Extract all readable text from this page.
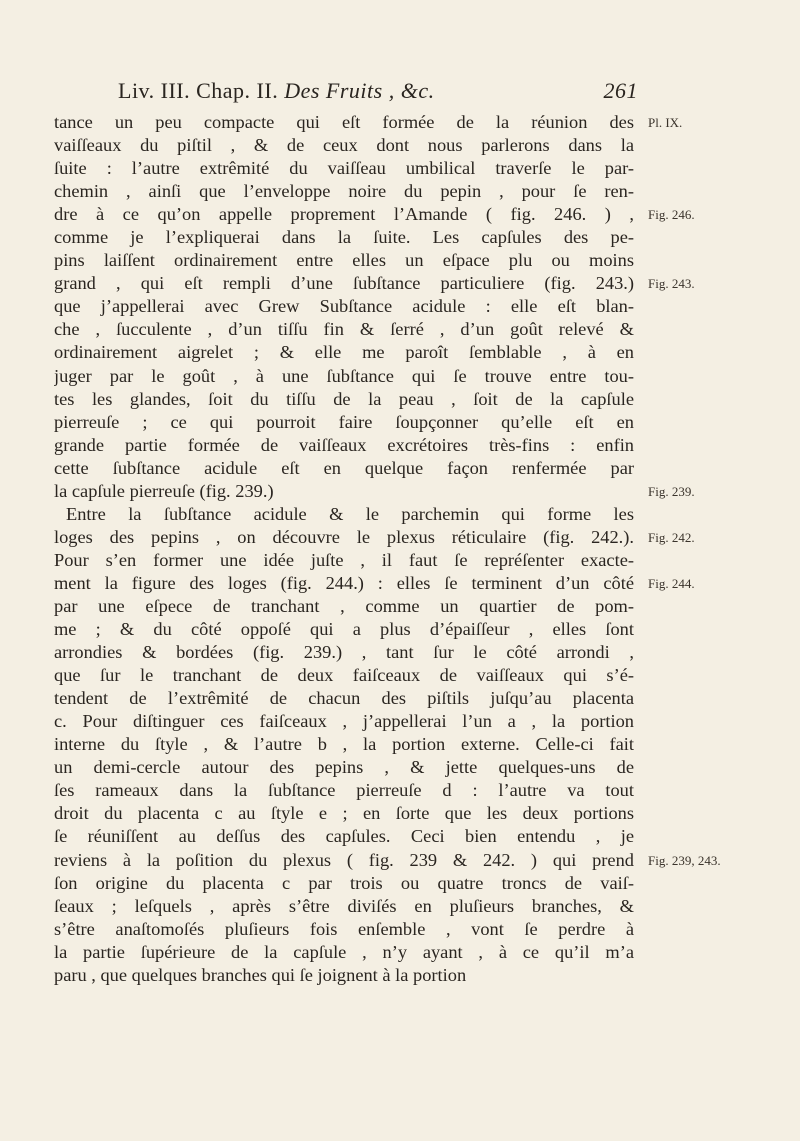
Liv. III. Chap. II. Des Fruits , &c.	261
tance un peu compacte qui eſt formée de la réunion des
vaiſſeaux du piſtil , & de ceux dont nous parlerons dans la
ſuite : l’autre extrêmité du vaiſſeau umbilical traverſe le par-
chemin , ainſi que l’enveloppe noire du pepin , pour ſe ren-
dre à ce qu’on appelle proprement l’Amande ( fig. 246. ) ,
comme je l’expliquerai dans la ſuite. Les capſules des pe-
pins laiſſent ordinairement entre elles un eſpace plu ou moins
grand , qui eſt rempli d’une ſubſtance particuliere (fig. 243.)
que j’appellerai avec Grew Subſtance acidule : elle eſt blan-
che , ſucculente , d’un tiſſu fin & ſerré , d’un goût relevé &
ordinairement aigrelet ; & elle me paroît ſemblable , à en
juger par le goût , à une ſubſtance qui ſe trouve entre tou-
tes les glandes, ſoit du tiſſu de la peau , ſoit de la capſule
pierreuſe ; ce qui pourroit faire ſoupçonner qu’elle eſt en
grande partie formée de vaiſſeaux excrétoires très-fins : enfin
cette ſubſtance acidule eſt en quelque façon renfermée par
la capſule pierreuſe (fig. 239.)
Entre la ſubſtance acidule & le parchemin qui forme les
loges des pepins , on découvre le plexus réticulaire (fig. 242.).
Pour s’en former une idée juſte , il faut ſe repréſenter exacte-
ment la figure des loges (fig. 244.) : elles ſe terminent d’un côté
par une eſpece de tranchant , comme un quartier de pom-
me ; & du côté oppoſé qui a plus d’épaiſſeur , elles ſont
arrondies & bordées (fig. 239.) , tant ſur le côté arrondi ,
que ſur le tranchant de deux faiſceaux de vaiſſeaux qui s’é-
tendent de l’extrêmité de chacun des piſtils juſqu’au placenta
c. Pour diſtinguer ces faiſceaux , j’appellerai l’un a , la portion
interne du ſtyle , & l’autre b , la portion externe. Celle-ci fait
un demi-cercle autour des pepins , & jette quelques-uns de
ſes rameaux dans la ſubſtance pierreuſe d : l’autre va tout
droit du placenta c au ſtyle e ; en ſorte que les deux portions
ſe réuniſſent au deſſus des capſules. Ceci bien entendu , je
reviens à la poſition du plexus ( fig. 239 & 242. ) qui prend
ſon origine du placenta c par trois ou quatre troncs de vaiſ-
ſeaux ; leſquels , après s’être diviſés en pluſieurs branches, &
s’être anaſtomoſés pluſieurs fois enſemble , vont ſe perdre à
la partie ſupérieure de la capſule , n’y ayant , à ce qu’il m’a
paru , que quelques branches qui ſe joignent à la portion
Pl. IX.
Fig. 246.
Fig. 243.
Fig. 239.
Fig. 242.
Fig. 244.
Fig. 239, 243.
